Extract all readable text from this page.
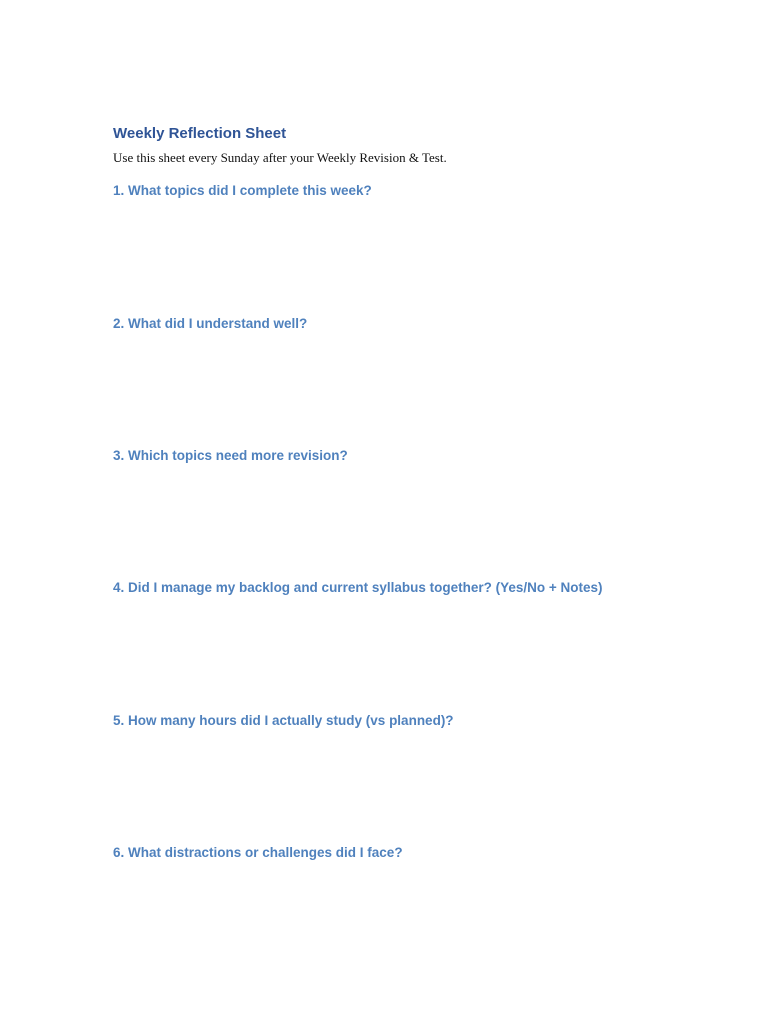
Weekly Reflection Sheet
Use this sheet every Sunday after your Weekly Revision & Test.
1. What topics did I complete this week?
2. What did I understand well?
3. Which topics need more revision?
4. Did I manage my backlog and current syllabus together? (Yes/No + Notes)
5. How many hours did I actually study (vs planned)?
6. What distractions or challenges did I face?
